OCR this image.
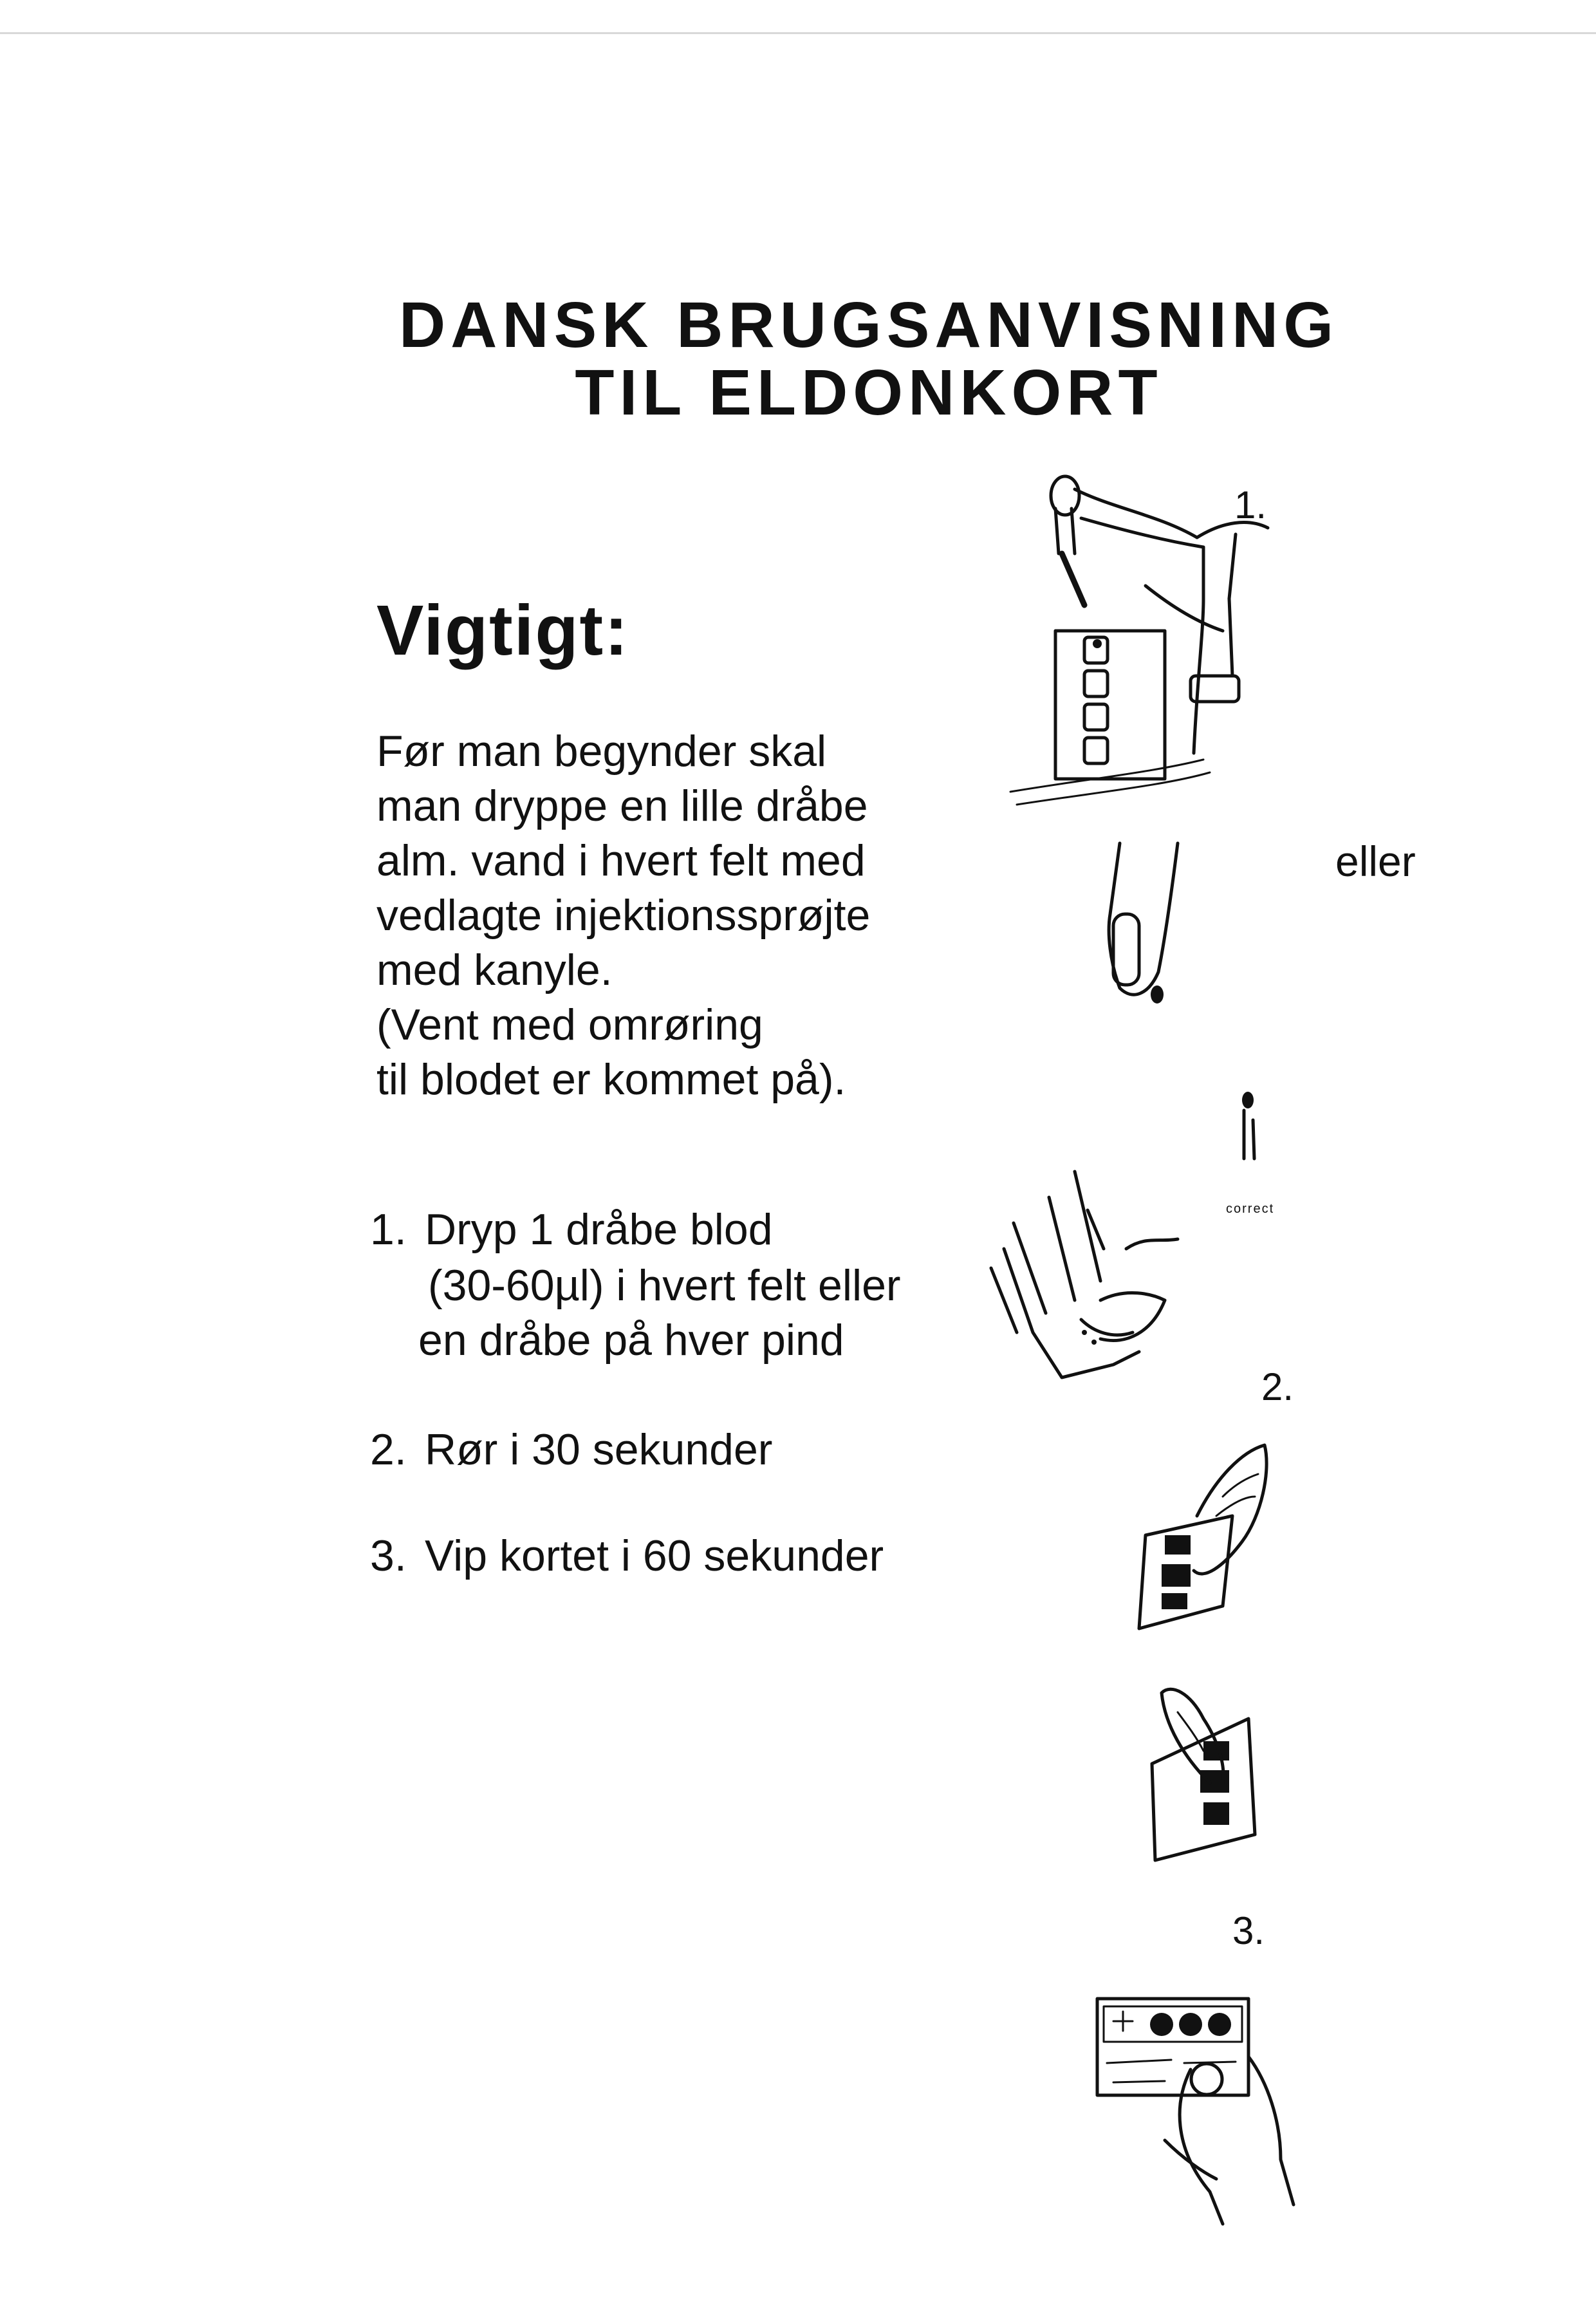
DANSK BRUGSANVISNING
TIL ELDONKORT
Vigtigt:
Før man begynder skal
man dryppe en lille dråbe
alm. vand i hvert felt med
vedlagte injektionssprøjte
med kanyle.
(Vent med omrøring
til blodet er kommet på).
1. Dryp 1 dråbe blod
(30-60µl) i hvert felt eller
en dråbe på hver pind
2. Rør i 30 sekunder
3. Vip kortet i 60 sekunder
1.
eller
correct
2.
3.
